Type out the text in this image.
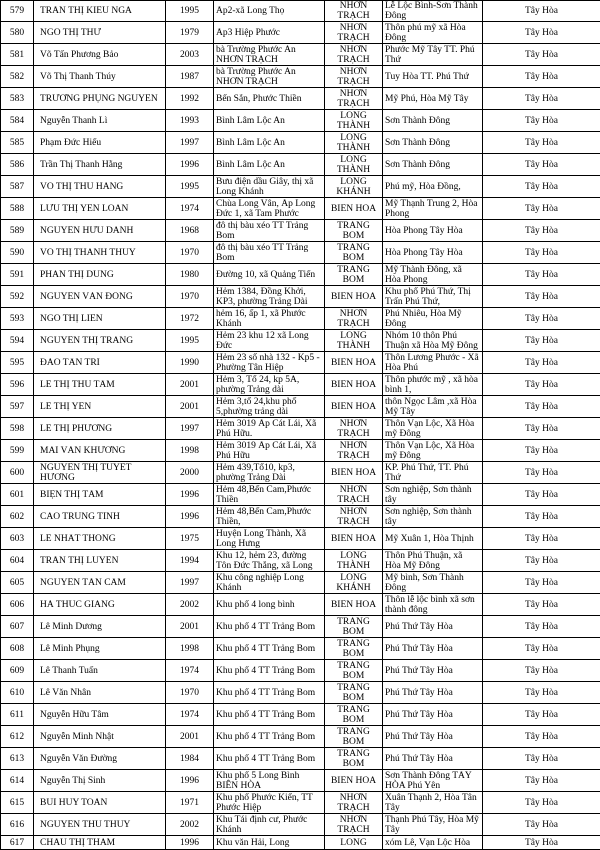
579	TRẦN THỊ KIỀU NGA	1995	Ấp2-xã Long Thọ	NHƠN TRẠCH	Lễ Lộc Bình-Sơn Thành Đông	Tây Hòa

580	NGÔ THỊ THƯ	1979	Ấp3 Hiệp Phước	NHƠN TRẠCH	Thôn phú mỹ xã Hòa Đông	Tây Hòa

581	Võ Tấn Phương Bảo	2003	bà Trường Phước An NHƠN TRẠCH	NHƠN TRẠCH	Phước Mỹ Tây TT. Phú Thứ	Tây Hòa

582	Võ Thị Thanh Thúy	1987	bà Trường Phước An NHƠN TRẠCH	NHƠN TRẠCH	Tuy Hòa TT. Phú Thứ	Tây Hòa

583	TRƯƠNG PHỤNG NGUYÊN	1992	Bến Sắn, Phước Thiền	NHƠN TRẠCH	Mỹ Phú, Hòa Mỹ Tây	Tây Hòa

584	Nguyễn Thanh Lì	1993	Bình Lâm Lộc An	LONG THÀNH	Sơn Thành Đông	Tây Hòa

585	Phạm Đức Hiếu	1997	Bình Lâm Lộc An	LONG THÀNH	Sơn Thành Đông	Tây Hòa

586	Trần Thị Thanh Hằng	1996	Bình Lâm Lộc An	LONG THÀNH	Sơn Thành Đông	Tây Hòa

587	VÕ THỊ THU HẰNG	1995	Bưu điện dầu Giây, thị xã Long Khánh	LONG KHÁNH	Phú mỹ, Hòa Đồng,	Tây Hòa

588	LƯU THỊ YẾN LOAN	1974	Chùa Long Vân, Ấp Long Đức 1, xã Tam Phước	BIÊN HÒA	Mỹ Thạnh Trung 2, Hòa Phong	Tây Hòa

589	NGUYỄN HỮU DANH	1968	đô thị bàu xéo TT Trảng Bom	TRẢNG BOM	Hòa Phong Tây Hòa	Tây Hòa

590	VÕ THỊ THANH THÚY	1970	đô thị bàu xéo TT Trảng Bom	TRẢNG BOM	Hòa Phong Tây Hòa	Tây Hòa

591	PHAN THỊ DUNG	1980	Đường 10, xã Quảng Tiến	TRẢNG BOM	Mỹ Thành Đông, xã Hòa Phong	Tây Hòa

592	NGUYỄN VĂN ĐÔNG	1970	Hẻm 1384, Đồng Khởi, KP3, phường Trảng Dài	BIÊN HÒA	Khu phố Phú Thứ, Thị Trấn Phú Thứ,	Tây Hòa

593	NGÔ THỊ LIÊN	1972	hẻm 16, ấp 1, xã Phước Khánh	NHƠN TRẠCH	Phú Nhiêu, Hòa Mỹ Đông	Tây Hòa

594	NGUYỄN THỊ TRANG	1995	Hẻm 23 khu 12 xã Long Đức	LONG THÀNH	Nhóm 10 thôn Phú Thuận xã Hòa Mỹ Đông	Tây Hòa

595	ĐÀO TẤN TRÍ	1990	Hẻm 23 số nhà 132 - Kp5 -Phường Tân Hiệp	BIÊN HÒA	Thôn Lương Phước - Xã Hòa Phú	Tây Hòa

596	LÊ THỊ THU TÂM	2001	Hẻm 3, Tổ 24, kp 5A, phường Trảng dài	BIÊN HÒA	Thôn phước mỹ , xã hòa bình 1,	Tây Hòa

597	LÊ THỊ YẾN	2001	Hẻm 3,tổ 24,khu phố 5,phường trảng dài	BIÊN HÒA	thôn Ngọc Lâm ,xã Hòa Mỹ Tây	Tây Hòa

598	LÊ THỊ PHƯƠNG	1997	Hẻm 3019 Ấp Cát Lái, Xã Phú Hữu.	NHƠN TRẠCH	Thôn Vạn Lộc, Xã Hòa mỹ Đông	Tây Hòa

599	MAI VĂN KHƯƠNG	1998	Hẻm 3019 Ấp Cát Lái, Xã Phú Hữu	NHƠN TRẠCH	Thôn Vạn Lộc, Xã Hòa mỹ Đông	Tây Hòa

600	NGUYỄN THỊ TUYẾT HƯƠNG	2000	Hẻm 439,Tổ10, kp3, phường Trảng Dài	BIÊN HÒA	KP. Phú Thứ, TT. Phú Thứ	Tây Hòa

601	BIỆN THỊ TÂM	1996	Hẻm 48,Bến Cam,Phước Thiền	NHƠN TRẠCH	Sơn nghiệp, Sơn thành tây	Tây Hòa

602	CAO TRUNG TÌNH	1996	Hẻm 48,Bến Cam,Phước Thiền,	NHƠN TRẠCH	Sơn nghiệp, Sơn thành tây	Tây Hòa

603	LÊ NHẤT THÔNG	1975	Huyện Long Thành, Xã Long Hưng	BIÊN HÒA	Mỹ Xuân 1, Hòa Thịnh	Tây Hòa

604	TRẦN THỊ LUYẾN	1994	Khu 12, hẻm 23, đường Tôn Đức Thắng, xã Long	LONG THÀNH	Thôn Phú Thuận, xã Hòa Mỹ Đông	Tây Hòa

605	NGUYỄN TẤN CẦM	1997	Khu công nghiệp Long Khánh	LONG KHÁNH	Mỹ bình, Sơn Thành Đông	Tây Hòa

606	HÀ THÚC GIANG	2002	Khu phố 4 long bình	BIÊN HÒA	Thôn lễ lộc bình xã sơn thành đông	Tây Hòa

607	Lê Minh Dương	2001	Khu phố 4 TT Trảng Bom	TRẢNG BOM	Phú Thứ Tây Hòa	Tây Hòa

608	Lê Minh Phụng	1998	Khu phố 4 TT Trảng Bom	TRẢNG BOM	Phú Thứ Tây Hòa	Tây Hòa

609	Lê Thanh Tuấn	1974	Khu phố 4 TT Trảng Bom	TRẢNG BOM	Phú Thứ Tây Hòa	Tây Hòa

610	Lê Văn Nhân	1970	Khu phố 4 TT Trảng Bom	TRẢNG BOM	Phú Thứ Tây Hòa	Tây Hòa

611	Nguyễn Hữu Tâm	1974	Khu phố 4 TT Trảng Bom	TRẢNG BOM	Phú Thứ Tây Hòa	Tây Hòa

612	Nguyễn Minh Nhật	2001	Khu phố 4 TT Trảng Bom	TRẢNG BOM	Phú Thứ Tây Hòa	Tây Hòa

613	Nguyễn Văn Đường	1984	Khu phố 4 TT Trảng Bom	TRẢNG BOM	Phú Thứ Tây Hòa	Tây Hòa

614	Nguyễn Thị Sinh	1996	Khu phố 5 Long Bình BIÊN HÒA	BIÊN HÒA	Sơn Thành Đông TÂY HÒA Phú Yên	Tây Hòa

615	BÙI HUY TOÀN	1971	Khu phố Phước Kiển, TT Phước Hiệp	NHƠN TRẠCH	Xuân Thạnh 2, Hòa Tân Tây	Tây Hòa

616	NGUYỄN THU THỦY	2002	Khu Tái định cư, Phước Khánh	NHƠN TRẠCH	Thạnh Phú Tây, Hòa Mỹ Tây	Tây Hòa

617	CHÂU THỊ THẮM	1996	Khu văn Hải, Long	LONG	xóm Lê, Vạn Lộc Hòa	Tây Hòa
